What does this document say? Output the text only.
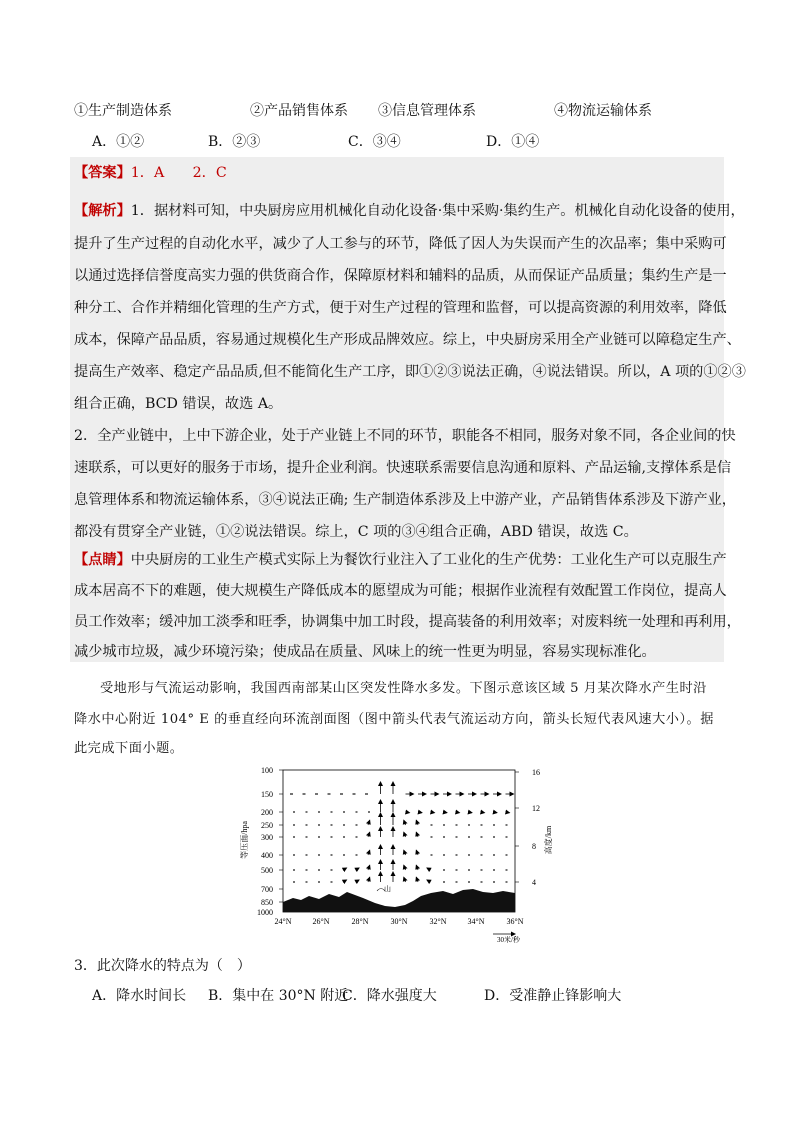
①生产制造体系	②产品销售体系 ③信息管理体系	④物流运输体系
A．①②	B．②③	C．③④	D．①④
【答案】1．A　　2．C
【解析】1．据材料可知，中央厨房应用机械化自动化设备·集中采购·集约生产。机械化自动化设备的使用，
提升了生产过程的自动化水平，减少了人工参与的环节，降低了因人为失误而产生的次品率；集中采购可
以通过选择信誉度高实力强的供货商合作，保障原材料和辅料的品质，从而保证产品质量；集约生产是一
种分工、合作并精细化管理的生产方式，便于对生产过程的管理和监督，可以提高资源的利用效率，降低
成本，保障产品品质，容易通过规模化生产形成品牌效应。综上，中央厨房采用全产业链可以障稳定生产、
提高生产效率、稳定产品品质,但不能简化生产工序，即①②③说法正确，④说法错误。所以，A 项的①②③
组合正确，BCD 错误，故选 A。
2．全产业链中，上中下游企业，处于产业链上不同的环节，职能各不相同，服务对象不同，各企业间的快
速联系，可以更好的服务于市场，提升企业利润。快速联系需要信息沟通和原料、产品运输,支撑体系是信
息管理体系和物流运输体系，③④说法正确; 生产制造体系涉及上中游产业，产品销售体系涉及下游产业，
都没有贯穿全产业链，①②说法错误。综上，C 项的③④组合正确，ABD 错误，故选 C。
【点睛】中央厨房的工业生产模式实际上为餐饮行业注入了工业化的生产优势：工业化生产可以克服生产
成本居高不下的难题，使大规模生产降低成本的愿望成为可能；根据作业流程有效配置工作岗位，提高人
员工作效率；缓冲加工淡季和旺季，协调集中加工时段，提高装备的利用效率；对废料统一处理和再利用，
减少城市垃圾，减少环境污染；使成品在质量、风味上的统一性更为明显，容易实现标准化。
受地形与气流运动影响，我国西南部某山区突发性降水多发。下图示意该区域 5 月某次降水产生时沿
降水中心附近 104° E 的垂直经向环流剖面图（图中箭头代表气流运动方向，箭头长短代表风速大小）。据
此完成下面小题。
山
100
150
200
250
300
400
500
700
850
1000
等压面/hpa
16
12
8
4
高度/km
24°N	26°N	28°N	30°N	32°N	34°N	36°N
30米/秒
3．此次降水的特点为（　）
A．降水时间长 B．集中在 30°N 附近
C．降水强度大	D．受准静止锋影响大
